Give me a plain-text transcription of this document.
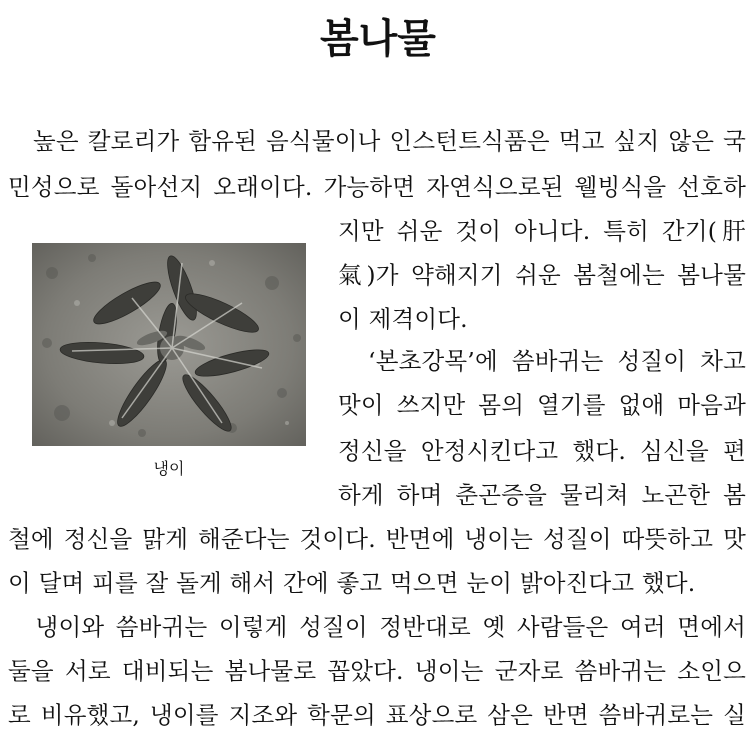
봄나물
　높은 칼로리가 함유된 음식물이나 인스턴트식품은 먹고 싶지 않은 국
민성으로 돌아선지 오래이다. 가능하면 자연식으로된 웰빙식을 선호하
지만 쉬운 것이 아니다. 특히 간기(肝
氣)가 약해지기 쉬운 봄철에는 봄나물
이 제격이다.
　‘본초강목’에 씀바귀는 성질이 차고
맛이 쓰지만 몸의 열기를 없애 마음과
정신을 안정시킨다고 했다. 심신을 편
하게 하며 춘곤증을 물리쳐 노곤한 봄
철에 정신을 맑게 해준다는 것이다. 반면에 냉이는 성질이 따뜻하고 맛
이 달며 피를 잘 돌게 해서 간에 좋고 먹으면 눈이 밝아진다고 했다.
　냉이와 씀바귀는 이렇게 성질이 정반대로 옛 사람들은 여러 면에서
둘을 서로 대비되는 봄나물로 꼽았다. 냉이는 군자로 씀바귀는 소인으
로 비유했고, 냉이를 지조와 학문의 표상으로 삼은 반면 씀바귀로는 실
냉이
